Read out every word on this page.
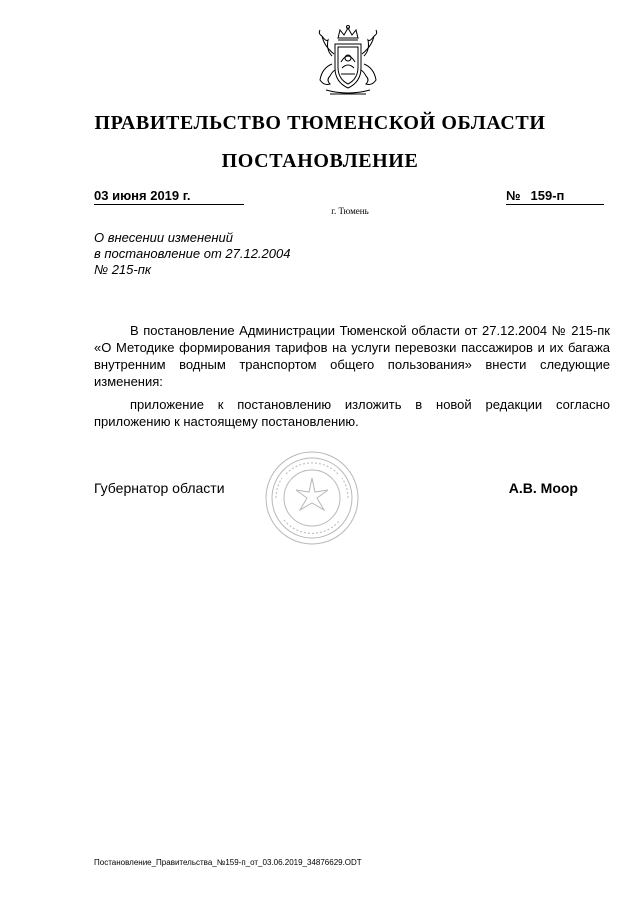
ПРАВИТЕЛЬСТВО ТЮМЕНСКОЙ ОБЛАСТИ
ПОСТАНОВЛЕНИЕ
03 июня 2019 г.	№ 159-п
г. Тюмень
О внесении изменений
в постановление от 27.12.2004
№ 215-пк

В постановление Администрации Тюменской области от 27.12.2004 № 215-пк «О Методике формирования тарифов на услуги перевозки пассажиров и их багажа внутренним водным транспортом общего пользования» внести следующие изменения:

приложение к постановлению изложить в новой редакции согласно приложению к настоящему постановлению.

Губернатор области	А.В. Моор
Постановление_Правительства_№159-п_от_03.06.2019_34876629.ODT
